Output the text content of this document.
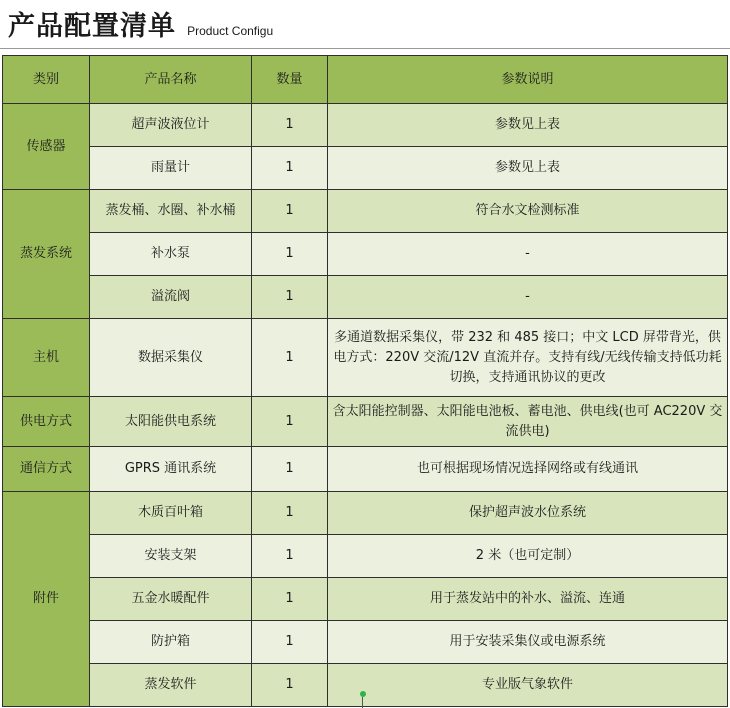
产品配置清单 Product Configu
类别	产品名称	数量	参数说明
传感器	超声波液位计	1	参数见上表
	雨量计	1	参数见上表
蒸发系统	蒸发桶、水圈、补水桶	1	符合水文检测标准
	补水泵	1	-
	溢流阀	1	-
主机	数据采集仪	1	多通道数据采集仪，带 232 和 485 接口；中文 LCD 屏带背光，供电方式：220V 交流/12V 直流并存。支持有线/无线传输支持低功耗切换，支持通讯协议的更改
供电方式	太阳能供电系统	1	含太阳能控制器、太阳能电池板、蓄电池、供电线(也可 AC220V 交流供电)
通信方式	GPRS 通讯系统	1	也可根据现场情况选择网络或有线通讯
附件	木质百叶箱	1	保护超声波水位系统
	安装支架	1	2 米（也可定制）
	五金水暖配件	1	用于蒸发站中的补水、溢流、连通
	防护箱	1	用于安装采集仪或电源系统
	蒸发软件	1	专业版气象软件
